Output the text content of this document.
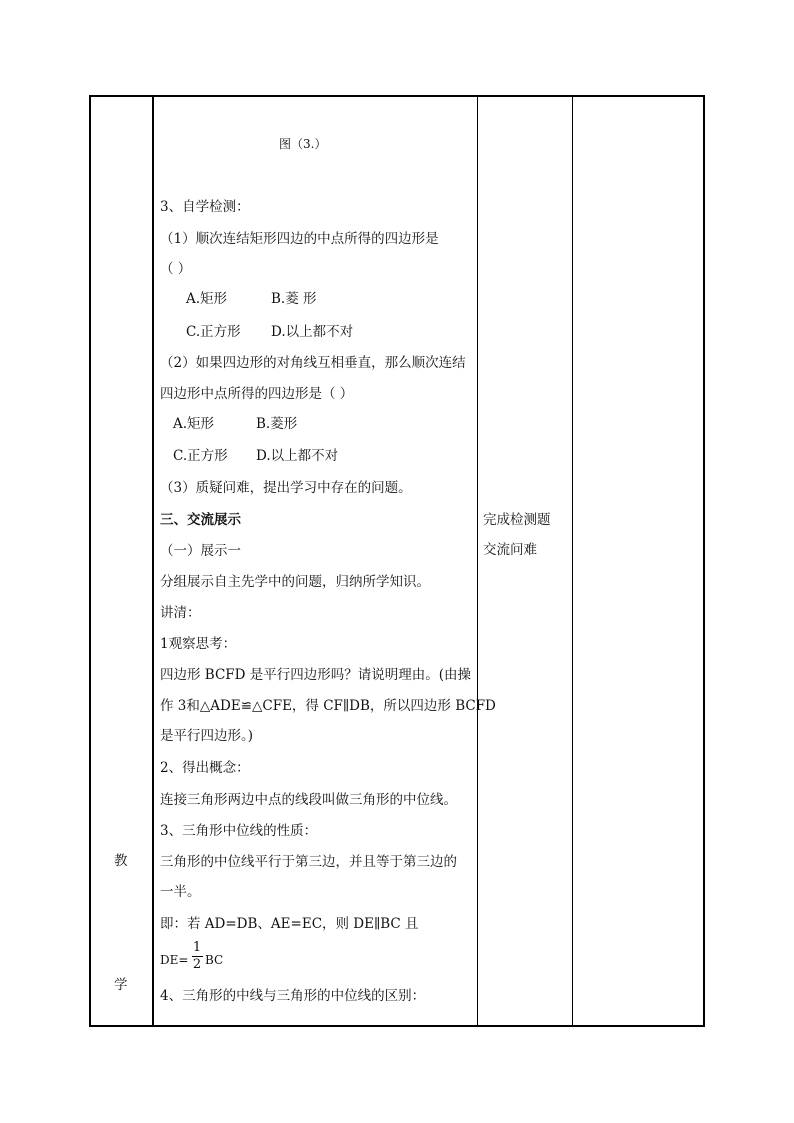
教
学
图（3.）
3、自学检测：
（1）顺次连结矩形四边的中点所得的四边形是
（ ）
A.矩形	B.菱 形
C.正方形 D.以上都不对
（2）如果四边形的对角线互相垂直，那么顺次连结
四边形中点所得的四边形是（ ）
A.矩形	B.菱形
C.正方形 D.以上都不对
（3）质疑问难，提出学习中存在的问题。
三、交流展示
（一）展示一
分组展示自主先学中的问题，归纳所学知识。
讲清：
1观察思考：
四边形 BCFD 是平行四边形吗？请说明理由。(由操
作 3和△ADE≌△CFE，得 CF∥DB，所以四边形 BCFD
是平行四边形。)
2、得出概念：
连接三角形两边中点的线段叫做三角形的中位线。
3、三角形中位线的性质：
三角形的中位线平行于第三边，并且等于第三边的
一半。
即：若 AD=DB、AE=EC，则 DE∥BC 且
DE=
1
2 BC
4、三角形的中线与三角形的中位线的区别：
完成检测题
交流问难
